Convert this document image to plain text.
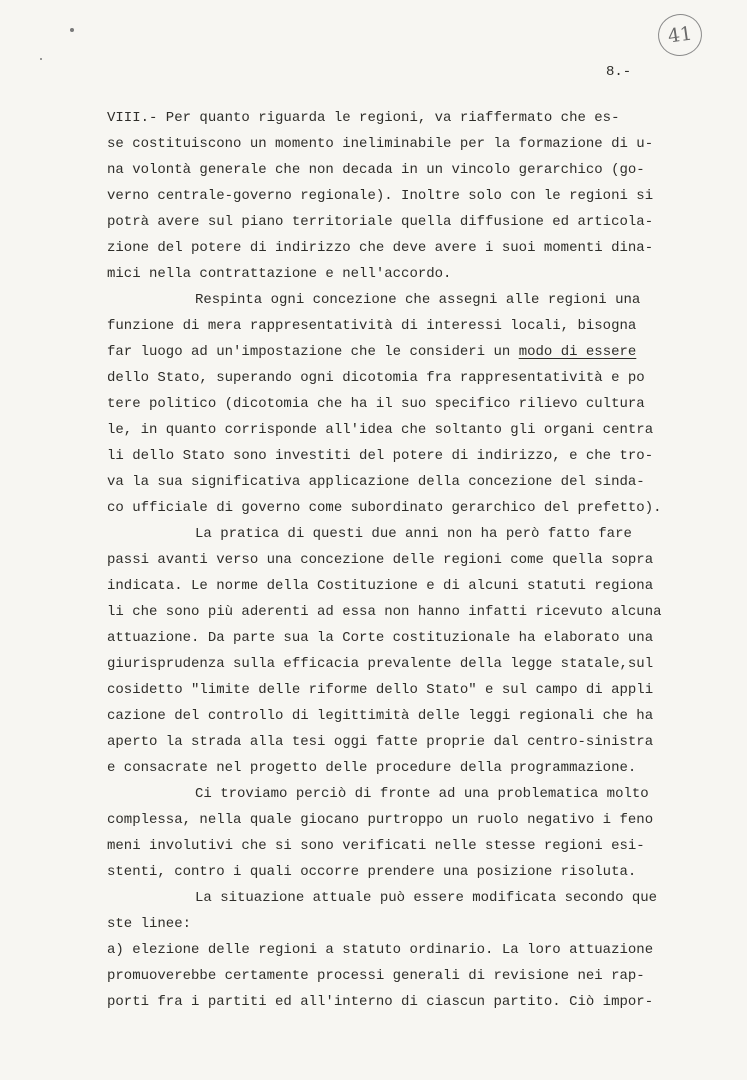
41
8.-
VIII.- Per quanto riguarda le regioni, va riaffermato che es-
se costituiscono un momento ineliminabile per la formazione di u-
na volontà generale che non decada in un vincolo gerarchico (go-
verno centrale-governo regionale). Inoltre solo con le regioni si
potrà avere sul piano territoriale quella diffusione ed articola-
zione del potere di indirizzo che deve avere i suoi momenti dina-
mici nella contrattazione e nell'accordo.
Respinta ogni concezione che assegni alle regioni una
funzione di mera rappresentatività di interessi locali, bisogna
far luogo ad un'impostazione che le consideri un modo di essere
dello Stato, superando ogni dicotomia fra rappresentatività e po
tere politico (dicotomia che ha il suo specifico rilievo cultura
le, in quanto corrisponde all'idea che soltanto gli organi centra
li dello Stato sono investiti del potere di indirizzo, e che tro-
va la sua significativa applicazione della concezione del sinda-
co ufficiale di governo come subordinato gerarchico del prefetto).
La pratica di questi due anni non ha però fatto fare
passi avanti verso una concezione delle regioni come quella sopra
indicata. Le norme della Costituzione e di alcuni statuti regiona
li che sono più aderenti ad essa non hanno infatti ricevuto alcuna
attuazione. Da parte sua la Corte costituzionale ha elaborato una
giurisprudenza sulla efficacia prevalente della legge statale,sul
cosidetto "limite delle riforme dello Stato" e sul campo di appli
cazione del controllo di legittimità delle leggi regionali che ha
aperto la strada alla tesi oggi fatte proprie dal centro-sinistra
e consacrate nel progetto delle procedure della programmazione.
Ci troviamo perciò di fronte ad una problematica molto
complessa, nella quale giocano purtroppo un ruolo negativo i feno
meni involutivi che si sono verificati nelle stesse regioni esi-
stenti, contro i quali occorre prendere una posizione risoluta.
La situazione attuale può essere modificata secondo que
ste linee:
a) elezione delle regioni a statuto ordinario. La loro attuazione
promuoverebbe certamente processi generali di revisione nei rap-
porti fra i partiti ed all'interno di ciascun partito. Ciò impor-
